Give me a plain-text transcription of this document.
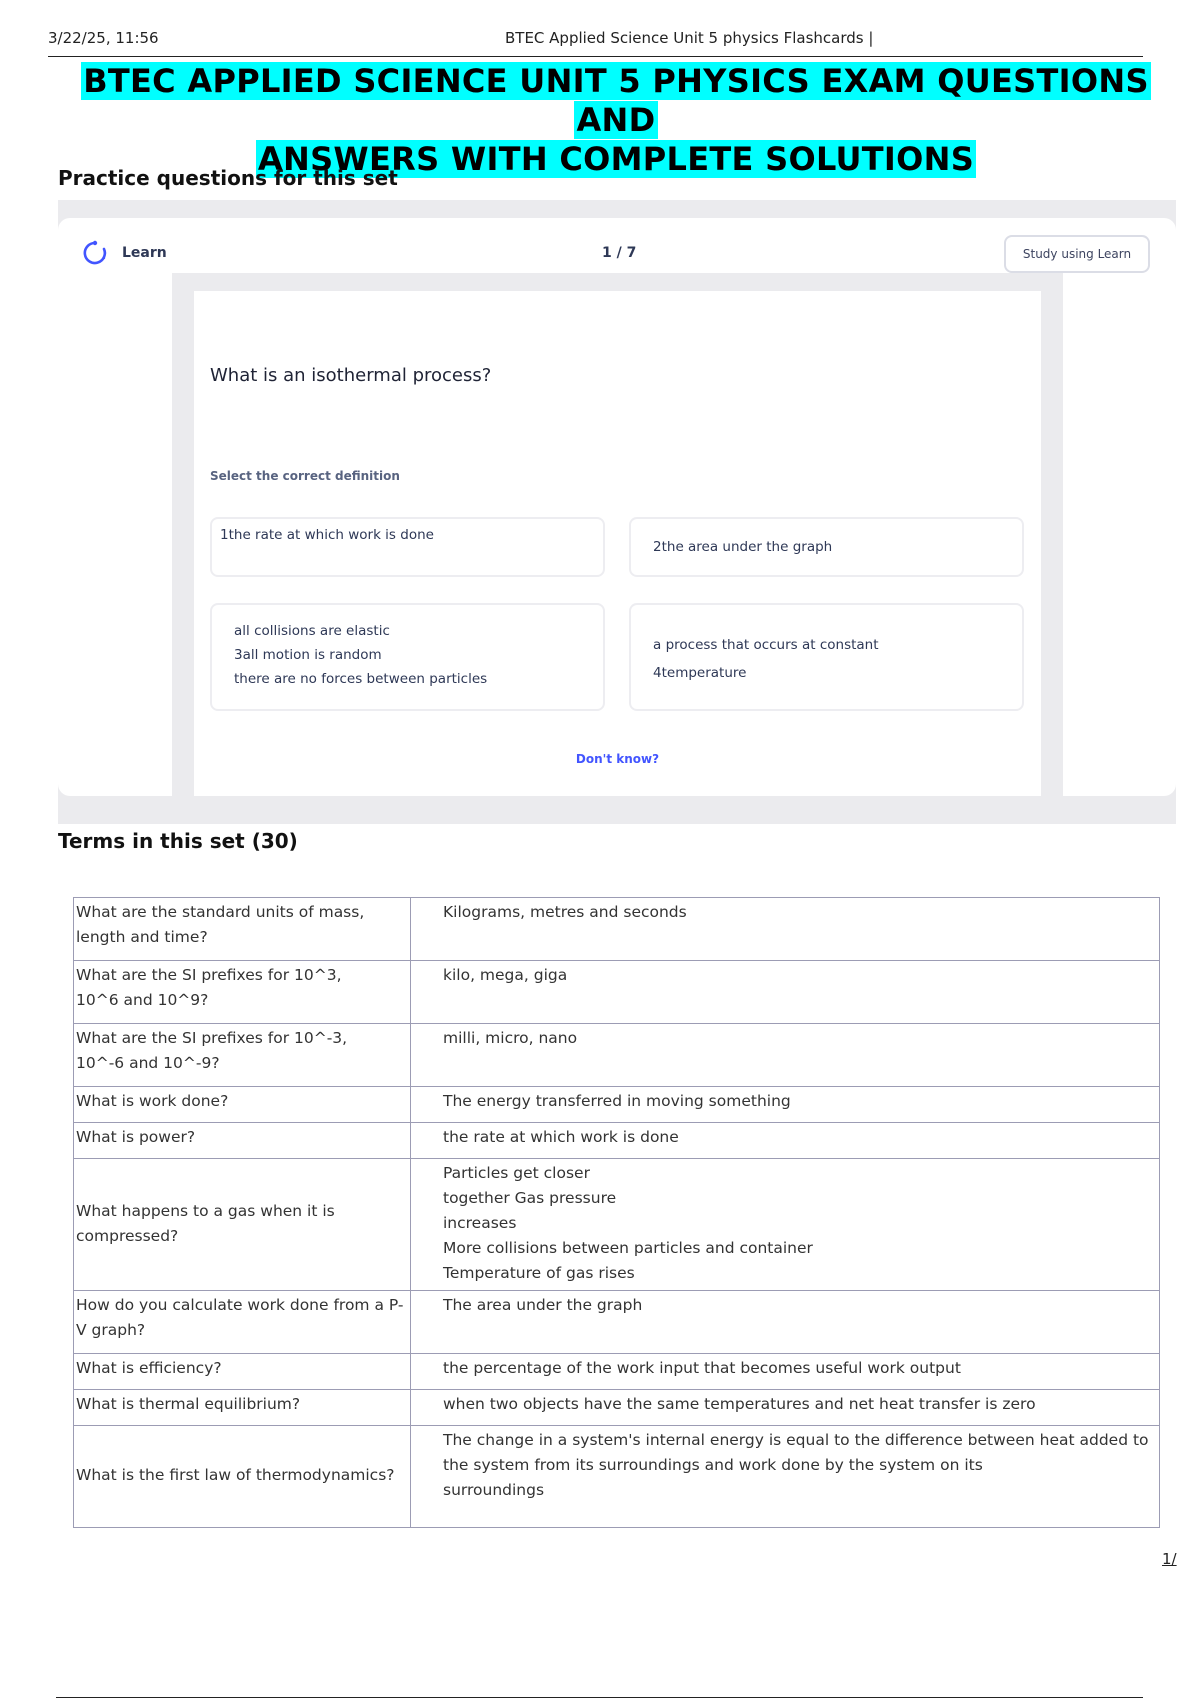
3/22/25, 11:56	BTEC Applied Science Unit 5 physics Flashcards |
BTEC APPLIED SCIENCE UNIT 5 PHYSICS EXAM QUESTIONS AND
ANSWERS WITH COMPLETE SOLUTIONS
Practice questions for this set
Learn	1 / 7	Study using Learn
What is an isothermal process?
Select the correct definition
1the rate at which work is done
2the area under the graph
all collisions are elastic
3all motion is random
there are no forces between particles
a process that occurs at constant
4temperature
Don't know?
Terms in this set (30)
What are the standard units of mass, length and time?	Kilograms, metres and seconds
What are the SI prefixes for 10^3,
10^6 and 10^9?	kilo, mega, giga
What are the SI prefixes for 10^-3,
10^-6 and 10^-9?	milli, micro, nano
What is work done?	The energy transferred in moving something
What is power?	the rate at which work is done
What happens to a gas when it is compressed?	Particles get closer
together Gas pressure
increases
More collisions between particles and container
Temperature of gas rises
How do you calculate work done from a P- V graph?	The area under the graph
What is efficiency?	the percentage of the work input that becomes useful work output
What is thermal equilibrium?	when two objects have the same temperatures and net heat transfer is zero
What is the first law of thermodynamics?	The change in a system's internal energy is equal to the difference between heat added to the system from its surroundings and work done by the system on its
surroundings
1/
